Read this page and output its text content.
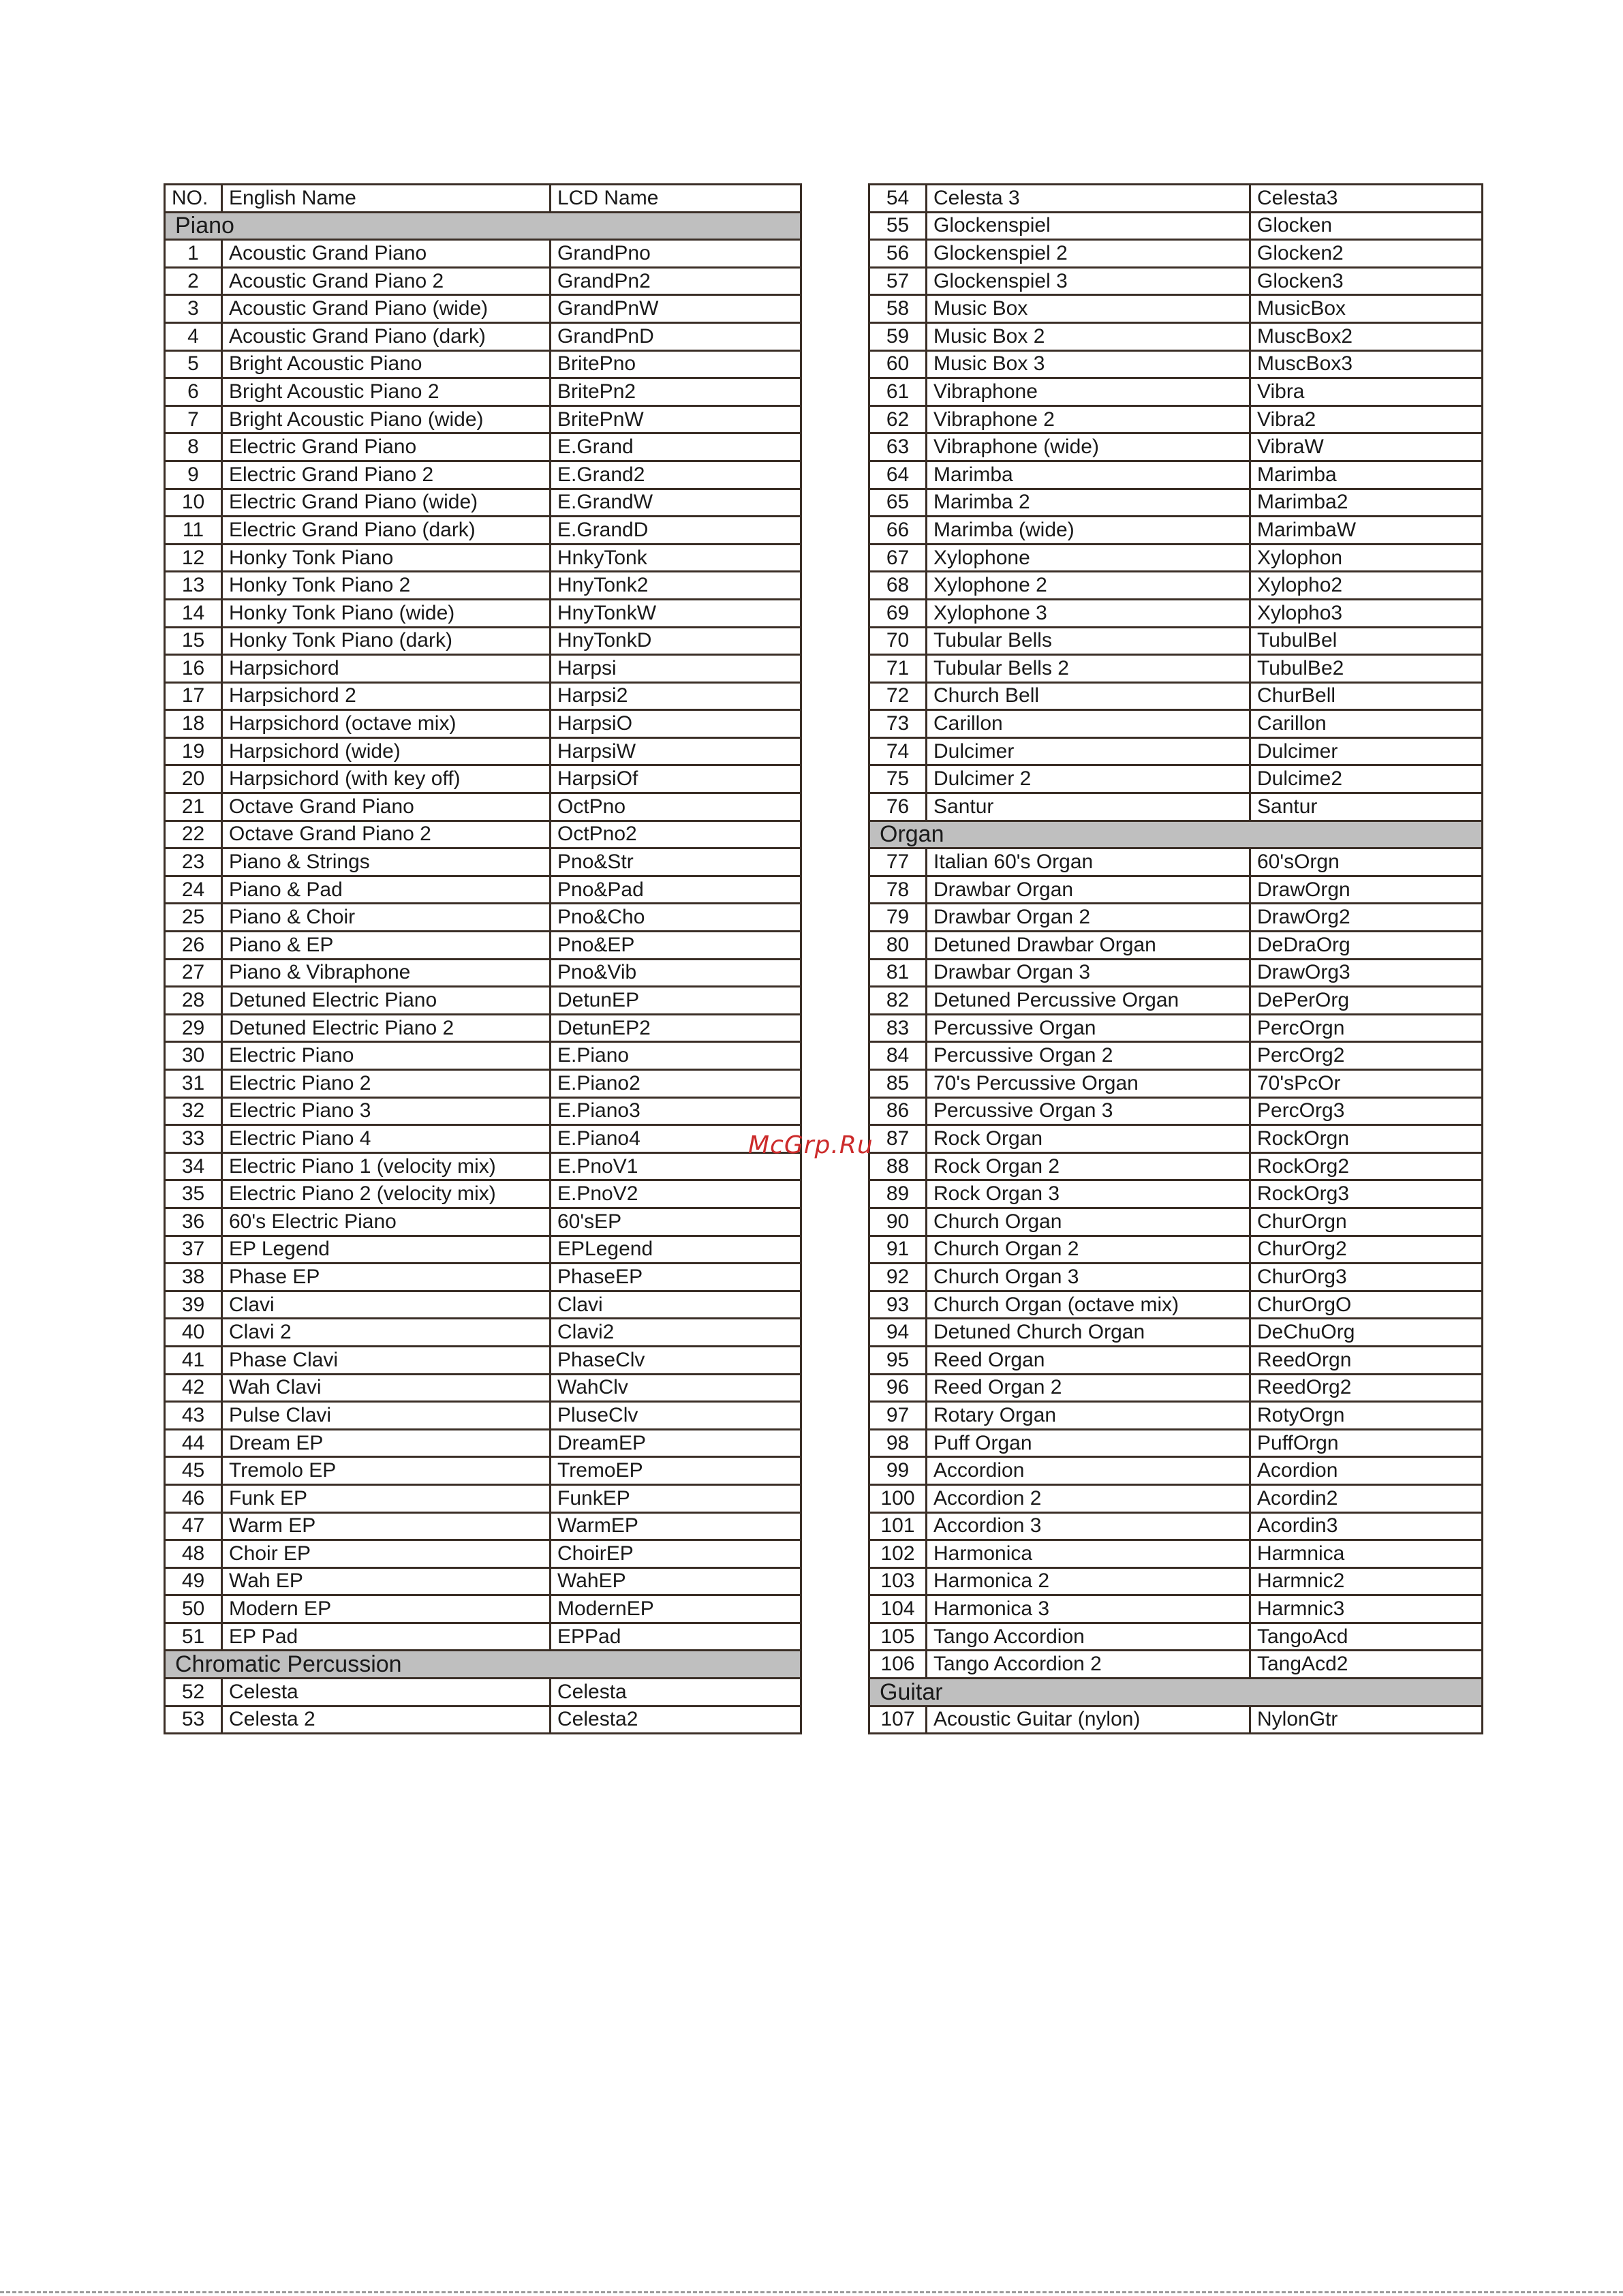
NO.	English Name	LCD Name
Piano		
1	Acoustic Grand Piano	GrandPno
2	Acoustic Grand Piano 2	GrandPn2
3	Acoustic Grand Piano (wide)	GrandPnW
4	Acoustic Grand Piano (dark)	GrandPnD
5	Bright Acoustic Piano	BritePno
6	Bright Acoustic Piano 2	BritePn2
7	Bright Acoustic Piano (wide)	BritePnW
8	Electric Grand Piano	E.Grand
9	Electric Grand Piano 2	E.Grand2
10	Electric Grand Piano (wide)	E.GrandW
11	Electric Grand Piano (dark)	E.GrandD
12	Honky Tonk Piano	HnkyTonk
13	Honky Tonk Piano 2	HnyTonk2
14	Honky Tonk Piano (wide)	HnyTonkW
15	Honky Tonk Piano (dark)	HnyTonkD
16	Harpsichord	Harpsi
17	Harpsichord 2	Harpsi2
18	Harpsichord (octave mix)	HarpsiO
19	Harpsichord (wide)	HarpsiW
20	Harpsichord (with key off)	HarpsiOf
21	Octave Grand Piano	OctPno
22	Octave Grand Piano 2	OctPno2
23	Piano & Strings	Pno&Str
24	Piano & Pad	Pno&Pad
25	Piano & Choir	Pno&Cho
26	Piano & EP	Pno&EP
27	Piano & Vibraphone	Pno&Vib
28	Detuned Electric Piano	DetunEP
29	Detuned Electric Piano 2	DetunEP2
30	Electric Piano	E.Piano
31	Electric Piano 2	E.Piano2
32	Electric Piano 3	E.Piano3
33	Electric Piano 4	E.Piano4
34	Electric Piano 1 (velocity mix)	E.PnoV1
35	Electric Piano 2 (velocity mix)	E.PnoV2
36	60's Electric Piano	60'sEP
37	EP Legend	EPLegend
38	Phase EP	PhaseEP
39	Clavi	Clavi
40	Clavi 2	Clavi2
41	Phase Clavi	PhaseClv
42	Wah Clavi	WahClv
43	Pulse Clavi	PluseClv
44	Dream EP	DreamEP
45	Tremolo EP	TremoEP
46	Funk EP	FunkEP
47	Warm EP	WarmEP
48	Choir EP	ChoirEP
49	Wah EP	WahEP
50	Modern EP	ModernEP
51	EP Pad	EPPad
Chromatic Percussion		
52	Celesta	Celesta
53	Celesta 2	Celesta2
54	Celesta 3	Celesta3
55	Glockenspiel	Glocken
56	Glockenspiel 2	Glocken2
57	Glockenspiel 3	Glocken3
58	Music Box	MusicBox
59	Music Box 2	MuscBox2
60	Music Box 3	MuscBox3
61	Vibraphone	Vibra
62	Vibraphone 2	Vibra2
63	Vibraphone (wide)	VibraW
64	Marimba	Marimba
65	Marimba 2	Marimba2
66	Marimba (wide)	MarimbaW
67	Xylophone	Xylophon
68	Xylophone 2	Xylopho2
69	Xylophone 3	Xylopho3
70	Tubular Bells	TubulBel
71	Tubular Bells 2	TubulBe2
72	Church Bell	ChurBell
73	Carillon	Carillon
74	Dulcimer	Dulcimer
75	Dulcimer 2	Dulcime2
76	Santur	Santur
Organ		
77	Italian 60's Organ	60'sOrgn
78	Drawbar Organ	DrawOrgn
79	Drawbar Organ 2	DrawOrg2
80	Detuned Drawbar Organ	DeDraOrg
81	Drawbar Organ 3	DrawOrg3
82	Detuned Percussive Organ	DePerOrg
83	Percussive Organ	PercOrgn
84	Percussive Organ 2	PercOrg2
85	70's Percussive Organ	70'sPcOr
86	Percussive Organ 3	PercOrg3
87	Rock Organ	RockOrgn
88	Rock Organ 2	RockOrg2
89	Rock Organ 3	RockOrg3
90	Church Organ	ChurOrgn
91	Church Organ 2	ChurOrg2
92	Church Organ 3	ChurOrg3
93	Church Organ (octave mix)	ChurOrgO
94	Detuned Church Organ	DeChuOrg
95	Reed Organ	ReedOrgn
96	Reed Organ 2	ReedOrg2
97	Rotary Organ	RotyOrgn
98	Puff Organ	PuffOrgn
99	Accordion	Acordion
100	Accordion 2	Acordin2
101	Accordion 3	Acordin3
102	Harmonica	Harmnica
103	Harmonica 2	Harmnic2
104	Harmonica 3	Harmnic3
105	Tango Accordion	TangoAcd
106	Tango Accordion 2	TangAcd2
Guitar		
107	Acoustic Guitar (nylon)	NylonGtr
McGrp.Ru
